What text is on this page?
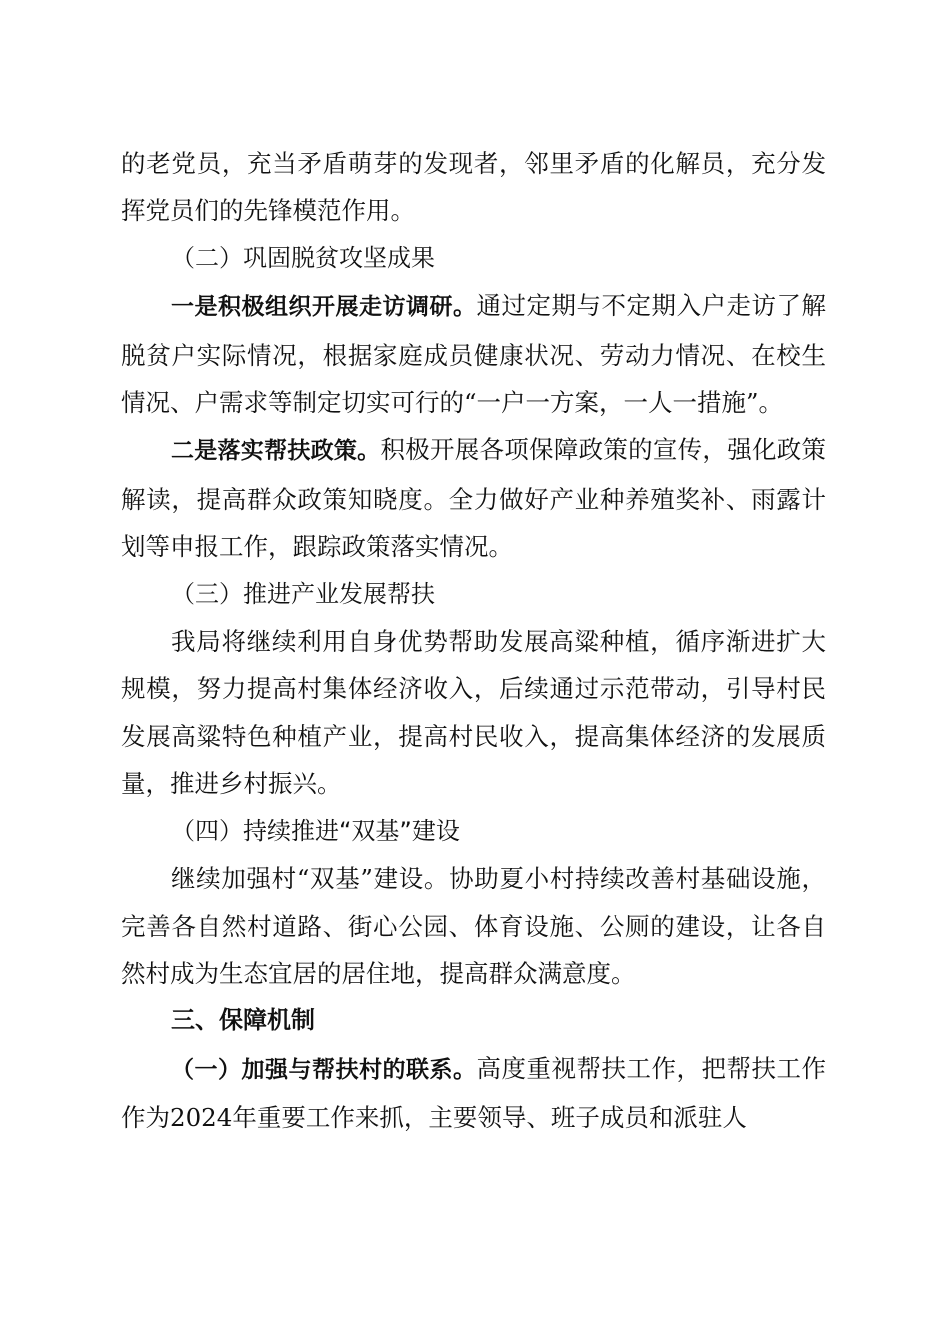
的老党员，充当矛盾萌芽的发现者，邻里矛盾的化解员，充分发挥党员们的先锋模范作用。

（二）巩固脱贫攻坚成果

一是积极组织开展走访调研。通过定期与不定期入户走访了解脱贫户实际情况，根据家庭成员健康状况、劳动力情况、在校生情况、户需求等制定切实可行的“一户一方案，一人一措施”。

二是落实帮扶政策。积极开展各项保障政策的宣传，强化政策解读，提高群众政策知晓度。全力做好产业种养殖奖补、雨露计划等申报工作，跟踪政策落实情况。

（三）推进产业发展帮扶

我局将继续利用自身优势帮助发展高粱种植，循序渐进扩大规模，努力提高村集体经济收入，后续通过示范带动，引导村民发展高粱特色种植产业，提高村民收入，提高集体经济的发展质量，推进乡村振兴。

（四）持续推进“双基”建设

继续加强村“双基”建设。协助夏小村持续改善村基础设施，完善各自然村道路、街心公园、体育设施、公厕的建设，让各自然村成为生态宜居的居住地，提高群众满意度。

三、保障机制

（一）加强与帮扶村的联系。高度重视帮扶工作，把帮扶工作作为2024年重要工作来抓，主要领导、班子成员和派驻人
